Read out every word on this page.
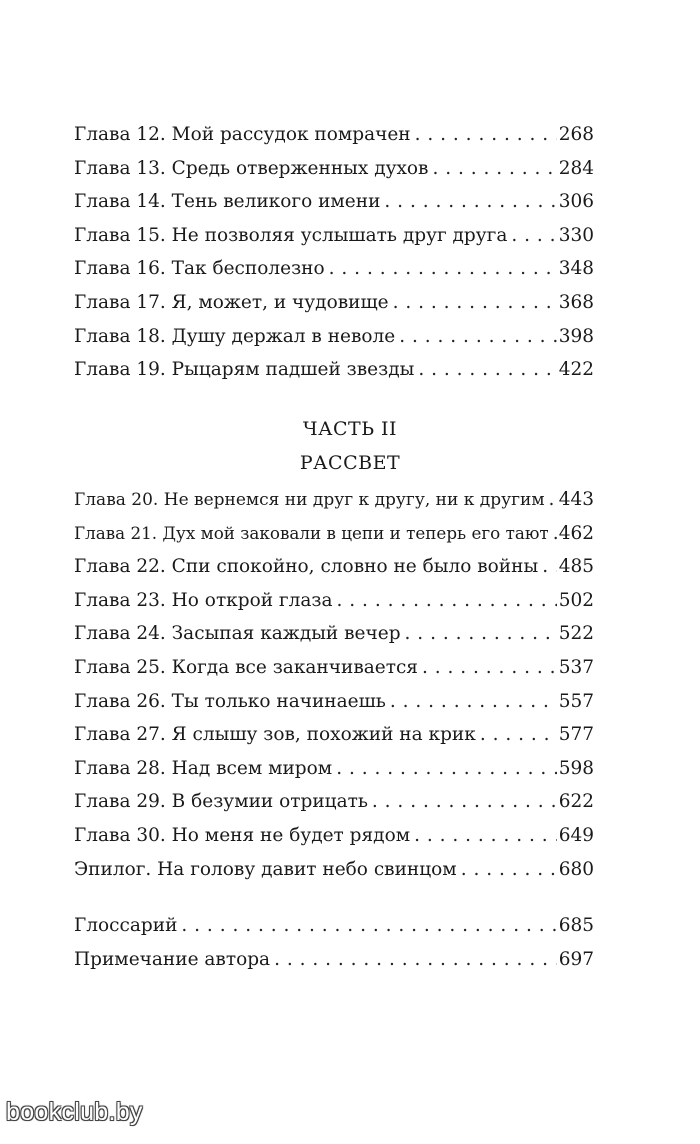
Глава 12. Мой рассудок помрачен . . .	268
Глава 13. Средь отверженных духов . . .	284
Глава 14. Тень великого имени . . .	306
Глава 15. Не позволяя услышать друг друга . . .	330
Глава 16. Так бесполезно . . .	348
Глава 17. Я, может, и чудовище . . .	368
Глава 18. Душу держал в неволе . . .	398
Глава 19. Рыцарям падшей звезды . . .	422
ЧАСТЬ II
РАССВЕТ
Глава 20. Не вернемся ни друг к другу, ни к другим . . . 443
Глава 21. Дух мой заковали в цепи и теперь его тают . . . 462
Глава 22. Спи спокойно, словно не было войны . . . 485
Глава 23. Но открой глаза . . .	502
Глава 24. Засыпая каждый вечер . . .	522
Глава 25. Когда все заканчивается . . .	537
Глава 26. Ты только начинаешь . . .	557
Глава 27. Я слышу зов, похожий на крик . . .	577
Глава 28. Над всем миром . . .	598
Глава 29. В безумии отрицать . . .	622
Глава 30. Но меня не будет рядом . . .	649
Эпилог. На голову давит небо свинцом . . .	680
Глоссарий . . .	685
Примечание автора . . .	697
bookclub.by
